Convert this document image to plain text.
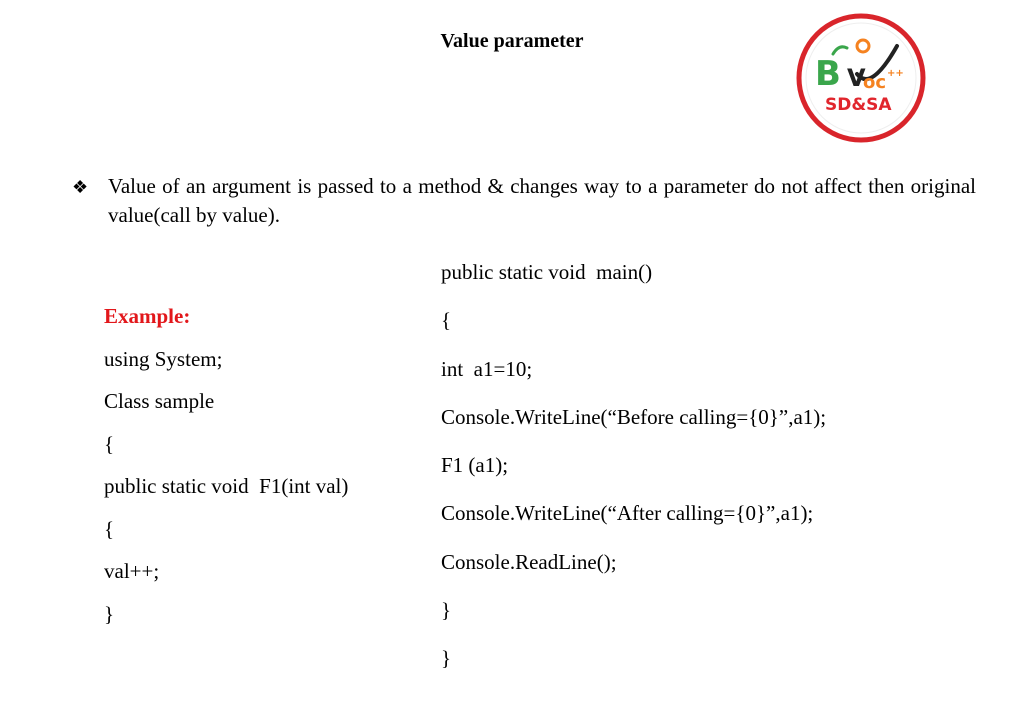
Value parameter
B V
oc ++
SD&SA
❖ Value of an argument is passed to a method & changes way to a parameter do not affect then original value(call by value).
Example:
using System;
Class sample
{
public static void  F1(int val)
{
val++;
}
public static void  main()
{
int  a1=10;
Console.WriteLine(“Before calling={0}”,a1);
F1 (a1);
Console.WriteLine(“After calling={0}”,a1);
Console.ReadLine();
}
}
